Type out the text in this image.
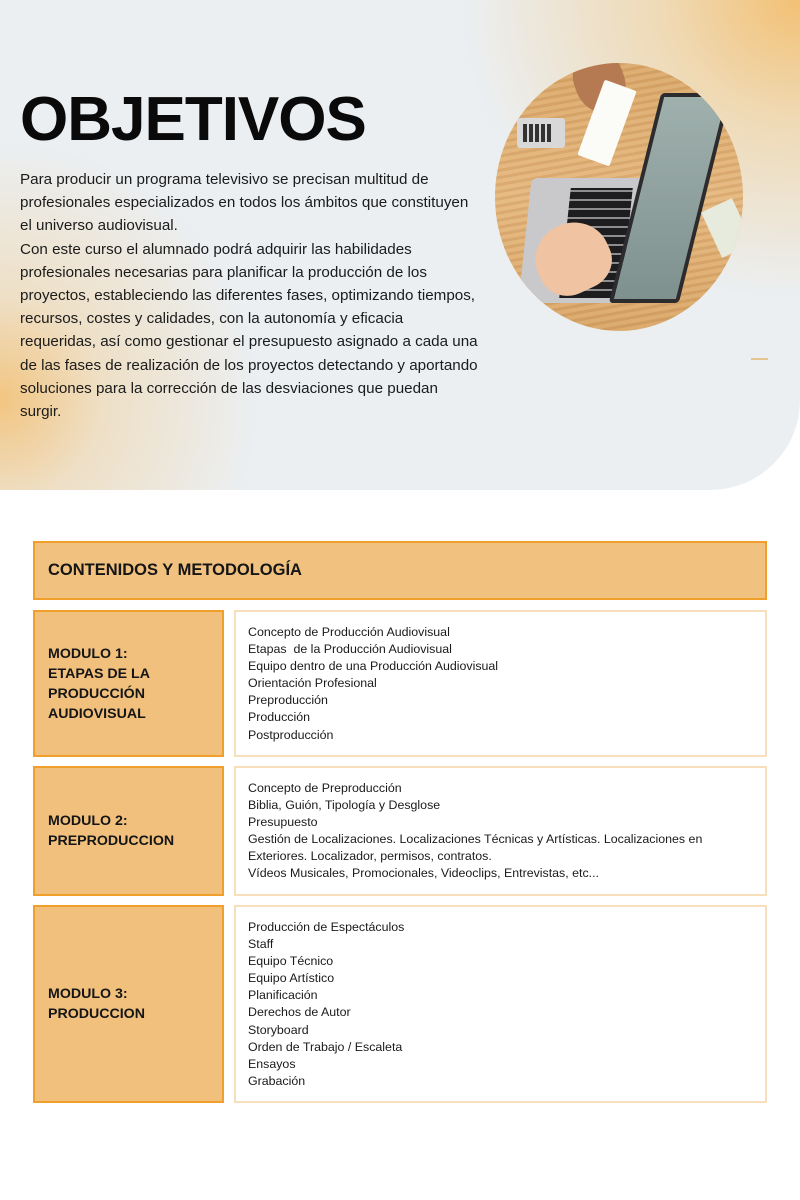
OBJETIVOS

Para producir un programa televisivo se precisan multitud de profesionales especializados en todos los ámbitos que constituyen el universo audiovisual.

Con este curso el alumnado podrá adquirir las habilidades profesionales necesarias para planificar la producción de los proyectos, estableciendo las diferentes fases, optimizando tiempos, recursos, costes y calidades, con la autonomía y eficacia requeridas, así como gestionar el presupuesto asignado a cada una de las fases de realización de los proyectos detectando y aportando soluciones para la corrección de las desviaciones que puedan surgir.

CONTENIDOS Y METODOLOGÍA
MODULO 1:
ETAPAS DE LA
PRODUCCIÓN
AUDIOVISUAL
Concepto de Producción Audiovisual
Etapas  de la Producción Audiovisual
Equipo dentro de una Producción Audiovisual
Orientación Profesional
Preproducción
Producción
Postproducción
MODULO 2:
PREPRODUCCION
Concepto de Preproducción
Biblia, Guión, Tipología y Desglose
Presupuesto
Gestión de Localizaciones. Localizaciones Técnicas y Artísticas. Localizaciones en Exteriores. Localizador, permisos, contratos.
Vídeos Musicales, Promocionales, Videoclips, Entrevistas, etc...
MODULO 3:
PRODUCCION
Producción de Espectáculos
Staff
Equipo Técnico
Equipo Artístico
Planificación
Derechos de Autor
Storyboard
Orden de Trabajo / Escaleta
Ensayos
Grabación
